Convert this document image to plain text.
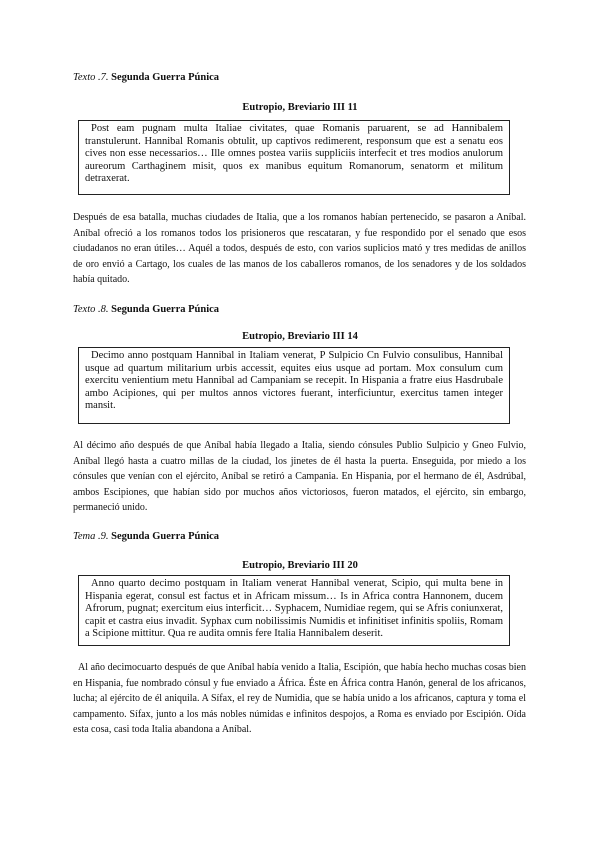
Texto .7. Segunda Guerra Púnica
Eutropio, Breviario III 11
Post eam pugnam multa Italiae civitates, quae Romanis paruarent, se ad Hannibalem transtulerunt. Hannibal Romanis obtulit, up captivos redimerent, responsum que est a senatu eos cives non esse necessarios… Ille omnes postea variis suppliciis interfecit et tres modios anulorum aureorum Carthaginem misit, quos ex manibus equitum Romanorum, senatorm et militum detraxerat.
Después de esa batalla, muchas ciudades de Italia, que a los romanos habían pertenecido, se pasaron a Aníbal. Aníbal ofreció a los romanos todos los prisioneros que rescataran, y fue respondido por el senado que esos ciudadanos no eran útiles… Aquél a todos, después de esto, con varios suplicios mató y tres medidas de anillos de oro envió a Cartago, los cuales de las manos de los caballeros romanos, de los senadores y de los soldados había quitado.
Texto .8. Segunda Guerra Púnica
Eutropio, Breviario III 14
Decimo anno postquam Hannibal in Italiam venerat, P Sulpicio Cn Fulvio consulibus, Hannibal usque ad quartum militarium urbis accessit, equites eius usque ad portam. Mox consulum cum exercitu venientium metu Hannibal ad Campaniam se recepit. In Hispania a fratre eius Hasdrubale ambo Acipiones, qui per multos annos victores fuerant, interficiuntur, exercitus tamen integer mansit.
Al décimo año después de que Aníbal había llegado a Italia, siendo cónsules Publio Sulpicio y Gneo Fulvio, Aníbal llegó hasta a cuatro millas de la ciudad, los jinetes de él hasta la puerta. Enseguida, por miedo a los cónsules que venían con el ejército, Aníbal se retiró a Campania. En Hispania, por el hermano de él, Asdrúbal, ambos Escipiones, que habían sido por muchos años victoriosos, fueron matados, el ejército, sin embargo, permaneció unido.
Tema .9. Segunda Guerra Púnica
Eutropio, Breviario III 20
Anno quarto decimo postquam in Italiam venerat Hannibal venerat, Scipio, qui multa bene in Hispania egerat, consul est factus et in Africam missum… Is in Africa contra Hannonem, ducem Afrorum, pugnat; exercitum eius interficit… Syphacem, Numidiae regem, qui se Afris coniunxerat, capit et castra eius invadit. Syphax cum nobilissimis Numidis et infinitiset infinitis spoliis, Romam a Scipione mittitur. Qua re audita omnis fere Italia Hannibalem deserit.
Al año decimocuarto después de que Aníbal había venido a Italia, Escipión, que había hecho muchas cosas bien en Hispania, fue nombrado cónsul y fue enviado a África. Éste en África contra Hanón, general de los africanos, lucha; al ejército de él aniquila. A Sífax, el rey de Numidia, que se había unido a los africanos, captura y toma el campamento. Sífax, junto a los más nobles númidas e infinitos despojos, a Roma es enviado por Escipión. Oída esta cosa, casi toda Italia abandona a Aníbal.
